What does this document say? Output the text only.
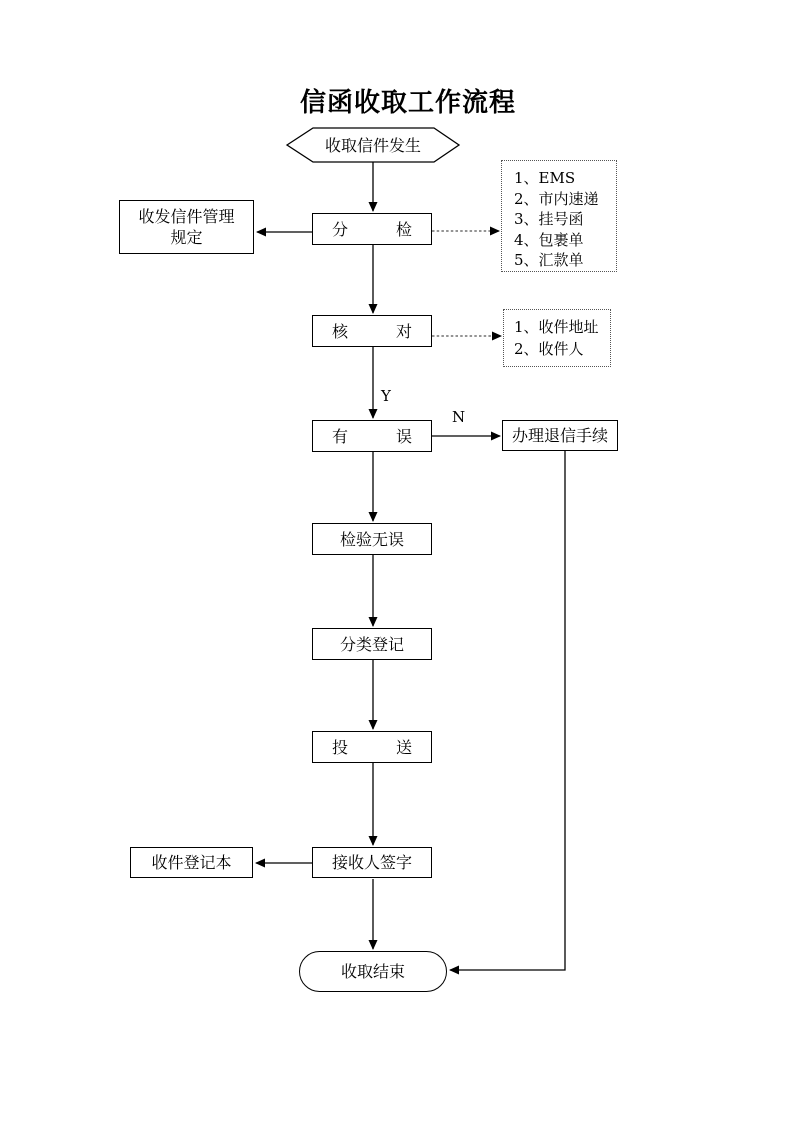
信函收取工作流程
收取信件发生
收发信件管理
规定	分　　　检
1、EMS
2、市内速递
3、挂号函
4、包裹单
5、汇款单
核　　　对	1、收件地址
2、收件人
Y
有　　　误
N
办理退信手续
检验无误
分类登记
投　　　送
收件登记本	接收人签字
收取结束
